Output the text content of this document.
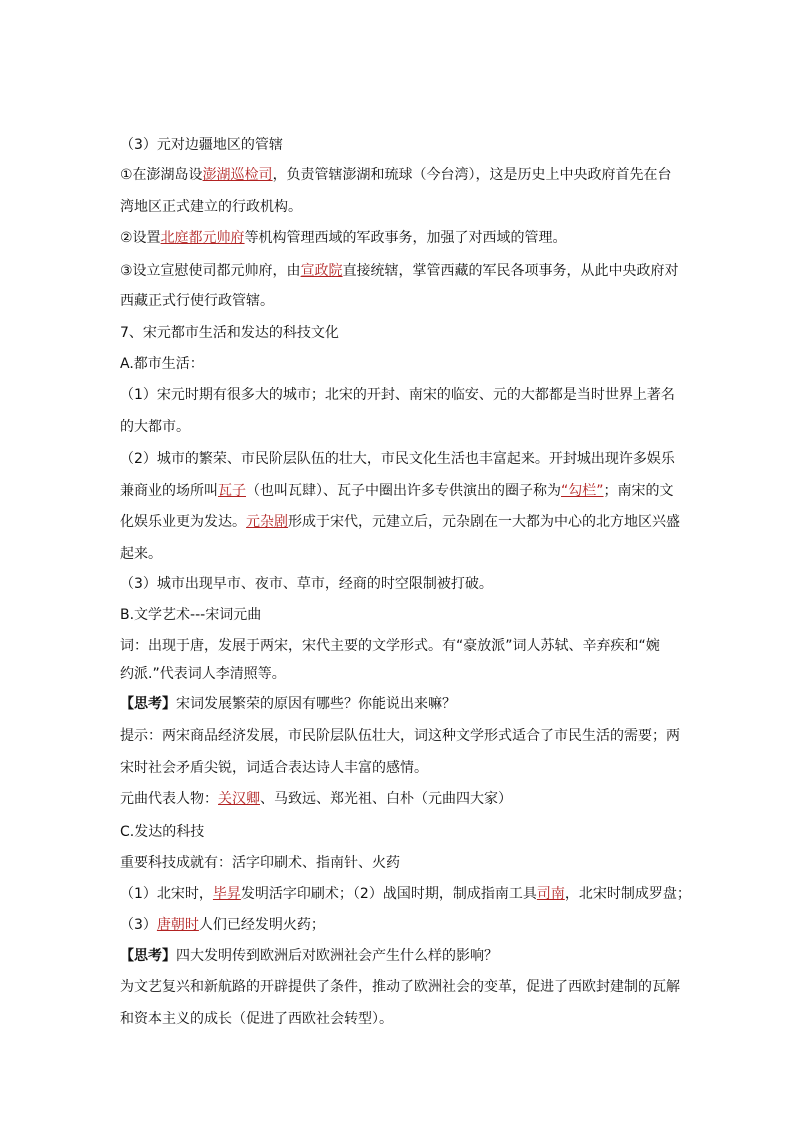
（3）元对边疆地区的管辖
①在澎湖岛设澎湖巡检司，负责管辖澎湖和琉球（今台湾），这是历史上中央政府首先在台
湾地区正式建立的行政机构。
②设置北庭都元帅府等机构管理西域的军政事务，加强了对西域的管理。
③设立宣慰使司都元帅府，由宣政院直接统辖，掌管西藏的军民各项事务，从此中央政府对
西藏正式行使行政管辖。
7、宋元都市生活和发达的科技文化
A.都市生活：
（1）宋元时期有很多大的城市；北宋的开封、南宋的临安、元的大都都是当时世界上著名
的大都市。
（2）城市的繁荣、市民阶层队伍的壮大，市民文化生活也丰富起来。开封城出现许多娱乐
兼商业的场所叫瓦子（也叫瓦肆）、瓦子中圈出许多专供演出的圈子称为“勾栏”；南宋的文
化娱乐业更为发达。元杂剧形成于宋代，元建立后，元杂剧在一大都为中心的北方地区兴盛
起来。
（3）城市出现早市、夜市、草市，经商的时空限制被打破。
B.文学艺术---宋词元曲
词：出现于唐，发展于两宋，宋代主要的文学形式。有“豪放派”词人苏轼、辛弃疾和“婉
约派.”代表词人李清照等。
【思考】宋词发展繁荣的原因有哪些？你能说出来嘛？
提示：两宋商品经济发展，市民阶层队伍壮大，词这种文学形式适合了市民生活的需要；两
宋时社会矛盾尖锐，词适合表达诗人丰富的感情。
元曲代表人物：关汉卿、马致远、郑光祖、白朴（元曲四大家）
C.发达的科技
重要科技成就有：活字印刷术、指南针、火药
（1）北宋时，毕昇发明活字印刷术；（2）战国时期，制成指南工具司南，北宋时制成罗盘；
（3）唐朝时人们已经发明火药；
【思考】四大发明传到欧洲后对欧洲社会产生什么样的影响？
为文艺复兴和新航路的开辟提供了条件，推动了欧洲社会的变革，促进了西欧封建制的瓦解
和资本主义的成长（促进了西欧社会转型）。
